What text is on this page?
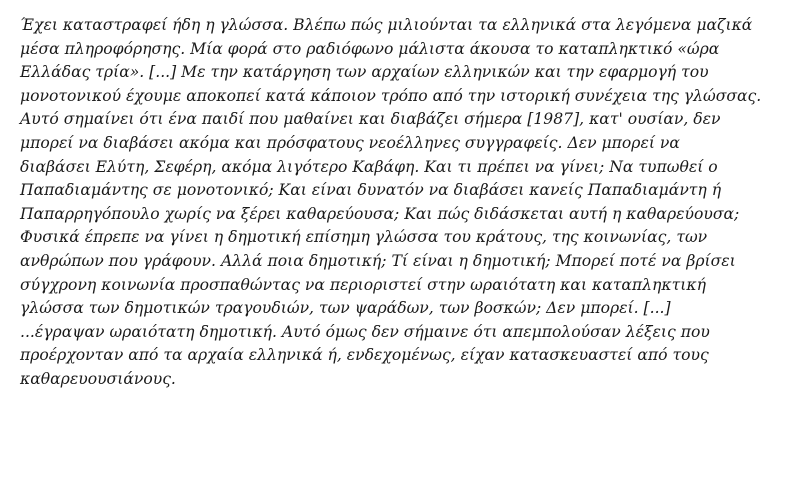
Έχει καταστραφεί ήδη η γλώσσα. Βλέπω πώς μιλιούνται τα ελληνικά στα λεγόμενα μαζικά
μέσα πληροφόρησης. Μία φορά στο ραδιόφωνο μάλιστα άκουσα το καταπληκτικό «ώρα
Ελλάδας τρία». [...] Με την κατάργηση των αρχαίων ελληνικών και την εφαρμογή του
μονοτονικού έχουμε αποκοπεί κατά κάποιον τρόπο από την ιστορική συνέχεια της γλώσσας.
Αυτό σημαίνει ότι ένα παιδί που μαθαίνει και διαβάζει σήμερα [1987], κατ' ουσίαν, δεν
μπορεί να διαβάσει ακόμα και πρόσφατους νεοέλληνες συγγραφείς. Δεν μπορεί να
διαβάσει Ελύτη, Σεφέρη, ακόμα λιγότερο Καβάφη. Και τι πρέπει να γίνει; Να τυπωθεί ο
Παπαδιαμάντης σε μονοτονικό; Και είναι δυνατόν να διαβάσει κανείς Παπαδιαμάντη ή
Παπαρρηγόπουλο χωρίς να ξέρει καθαρεύουσα; Και πώς διδάσκεται αυτή η καθαρεύουσα;
Φυσικά έπρεπε να γίνει η δημοτική επίσημη γλώσσα του κράτους, της κοινωνίας, των
ανθρώπων που γράφουν. Αλλά ποια δημοτική; Τί είναι η δημοτική; Μπορεί ποτέ να βρίσει
σύγχρονη κοινωνία προσπαθώντας να περιοριστεί στην ωραιότατη και καταπληκτική
γλώσσα των δημοτικών τραγουδιών, των ψαράδων, των βοσκών; Δεν μπορεί. [...]
...έγραψαν ωραιότατη δημοτική. Αυτό όμως δεν σήμαινε ότι απεμπολούσαν λέξεις που
προέρχονταν από τα αρχαία ελληνικά ή, ενδεχομένως, είχαν κατασκευαστεί από τους
καθαρευουσιάνους.
